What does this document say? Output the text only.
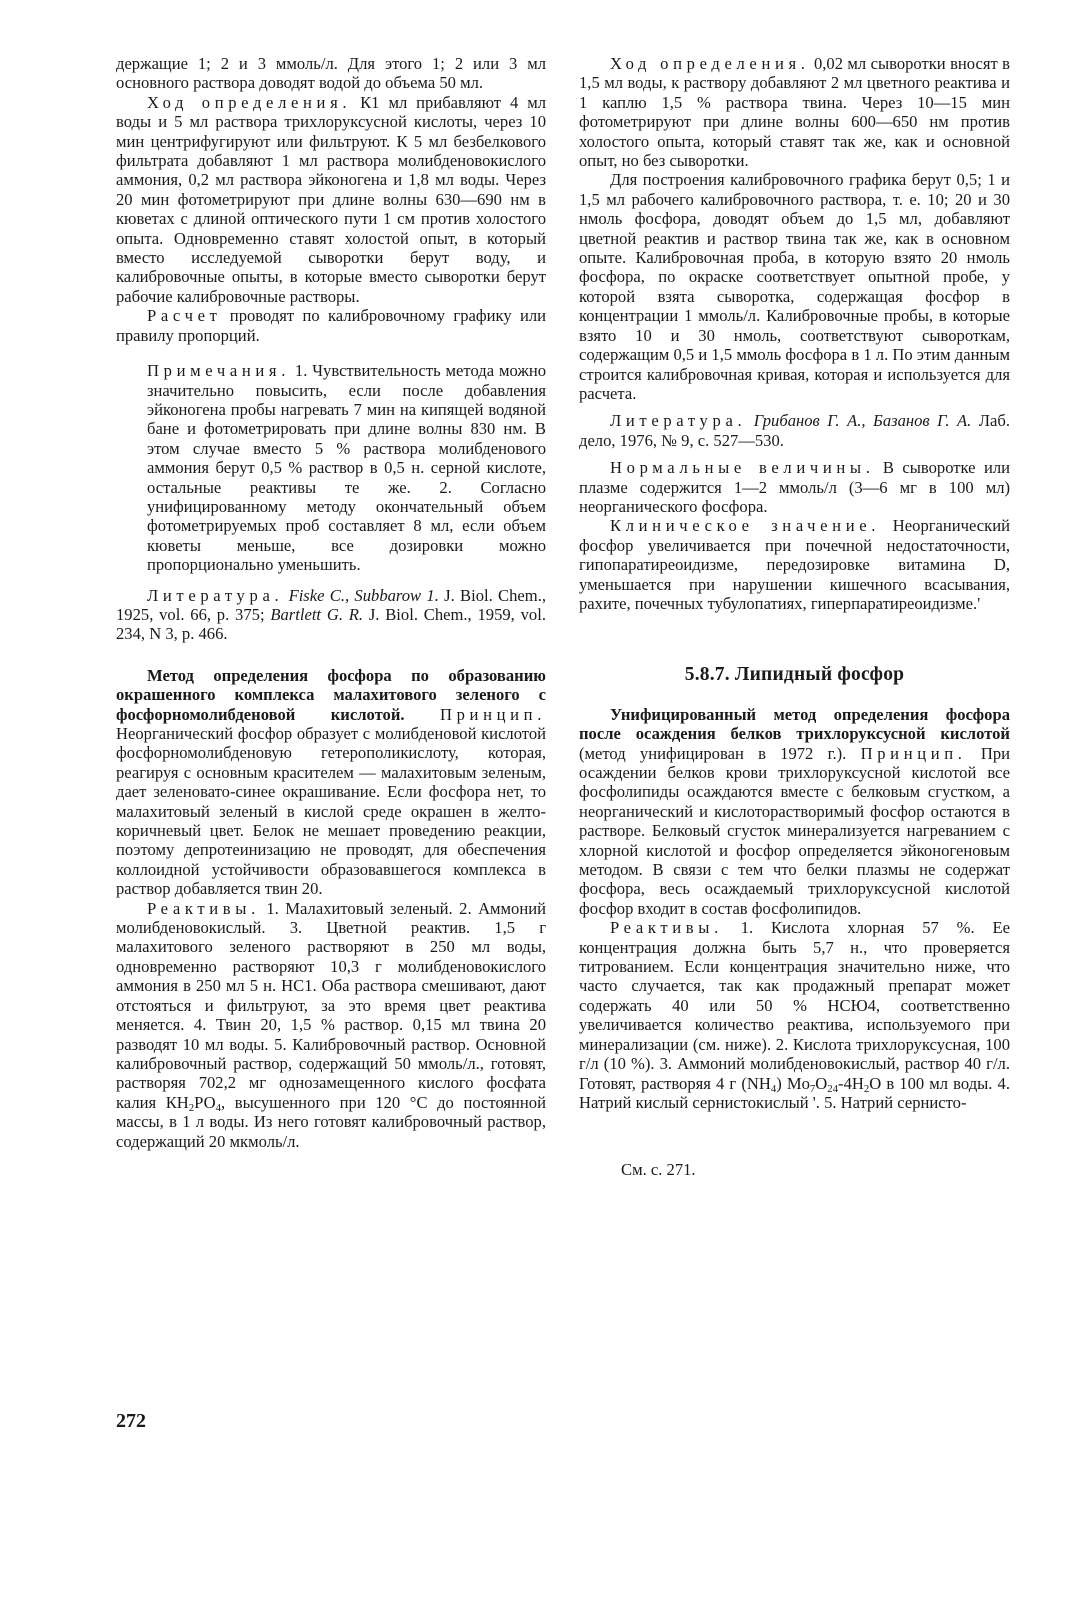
держащие 1; 2 и 3 ммоль/л. Для этого 1; 2 или 3 мл основного раствора доводят водой до объема 50 мл.

Ход определения. К1 мл прибавляют 4 мл воды и 5 мл раствора трихлоруксусной кислоты, через 10 мин центрифугируют или фильтруют. К 5 мл безбелкового фильтрата добавляют 1 мл раствора молибденовокислого аммония, 0,2 мл раствора эйконогена и 1,8 мл воды. Через 20 мин фотометрируют при длине волны 630—690 нм в кюветах с длиной оптического пути 1 см против холостого опыта. Одновременно ставят холостой опыт, в который вместо исследуемой сыворотки берут воду, и калибровочные опыты, в которые вместо сыворотки берут рабочие калибровочные растворы.

Расчет проводят по калибровочному графику или правилу пропорций.

Примечания. 1. Чувствительность метода можно значительно повысить, если после добавления эйконогена пробы нагревать 7 мин на кипящей водяной бане и фотометрировать при длине волны 830 нм. В этом случае вместо 5 % раствора молибденового аммония берут 0,5 % раствор в 0,5 н. серной кислоте, остальные реактивы те же. 2. Согласно унифицированному методу окончательный объем фотометрируемых проб составляет 8 мл, если объем кюветы меньше, все дозировки можно пропорционально уменьшить.

Литература. Fiske C., Subbarow 1. J. Biol. Chem., 1925, vol. 66, p. 375; Bartlett G. R. J. Biol. Chem., 1959, vol. 234, N 3, p. 466.

Метод определения фосфора по образованию окрашенного комплекса малахитового зеленого с фосфорномолибденовой кислотой. Принцип. Неорганический фосфор образует с молибденовой кислотой фосфорномолибденовую гетерополикислоту, которая, реагируя с основным красителем — малахитовым зеленым, дает зеленовато-синее окрашивание. Если фосфора нет, то малахитовый зеленый в кислой среде окрашен в желто-коричневый цвет. Белок не мешает проведению реакции, поэтому депротеинизацию не проводят, для обеспечения коллоидной устойчивости образовавшегося комплекса в раствор добавляется твин 20.

Реактивы. 1. Малахитовый зеленый. 2. Аммоний молибденовокислый. 3. Цветной реактив. 1,5 г малахитового зеленого растворяют в 250 мл воды, одновременно растворяют 10,3 г молибденовокислого аммония в 250 мл 5 н. НС1. Оба раствора смешивают, дают отстояться и фильтруют, за это время цвет реактива меняется. 4. Твин 20, 1,5 % раствор. 0,15 мл твина 20 разводят 10 мл воды. 5. Калибровочный раствор. Основной калибровочный раствор, содержащий 50 ммоль/л., готовят, растворяя 702,2 мг однозамещенного кислого фосфата калия $КН_2РО_4$, высушенного при 120 °С до постоянной массы, в 1 л воды. Из него готовят калибровочный раствор, содержащий 20 мкмоль/л.

Ход определения. 0,02 мл сыворотки вносят в 1,5 мл воды, к раствору добавляют 2 мл цветного реактива и 1 каплю 1,5 % раствора твина. Через 10—15 мин фотометрируют при длине волны 600—650 нм против холостого опыта, который ставят так же, как и основной опыт, но без сыворотки.

Для построения калибровочного графика берут 0,5; 1 и 1,5 мл рабочего калибровочного раствора, т. е. 10; 20 и 30 нмоль фосфора, доводят объем до 1,5 мл, добавляют цветной реактив и раствор твина так же, как в основном опыте. Калибровочная проба, в которую взято 20 нмоль фосфора, по окраске соответствует опытной пробе, у которой взята сыворотка, содержащая фосфор в концентрации 1 ммоль/л. Калибровочные пробы, в которые взято 10 и 30 нмоль, соответствуют сывороткам, содержащим 0,5 и 1,5 ммоль фосфора в 1 л. По этим данным строится калибровочная кривая, которая и используется для расчета.

Литература. Грибанов Г. А., Базанов Г. А. Лаб. дело, 1976, № 9, с. 527—530.

Нормальные величины. В сыворотке или плазме содержится 1—2 ммоль/л (3—6 мг в 100 мл) неорганического фосфора.

Клиническое значение. Неорганический фосфор увеличивается при почечной недостаточности, гипопаратиреоидизме, передозировке витамина D, уменьшается при нарушении кишечного всасывания, рахите, почечных тубулопатиях, гиперпаратиреоидизме.'

5.8.7. Липидный фосфор

Унифицированный метод определения фосфора после осаждения белков трихлоруксусной кислотой (метод унифицирован в 1972 г.). Принцип. При осаждении белков крови трихлоруксусной кислотой все фосфолипиды осаждаются вместе с белковым сгустком, а неорганический и кислоторастворимый фосфор остаются в растворе. Белковый сгусток минерализуется нагреванием с хлорной кислотой и фосфор определяется эйконогеновым методом. В связи с тем что белки плазмы не содержат фосфора, весь осаждаемый трихлоруксусной кислотой фосфор входит в состав фосфолипидов.

Реактивы. 1. Кислота хлорная 57 %. Ее концентрация должна быть 5,7 н., что проверяется титрованием. Если концентрация значительно ниже, что часто случается, так как продажный препарат может содержать 40 или 50 % НСЮ4, соответственно увеличивается количество реактива, используемого при минерализации (см. ниже). 2. Кислота трихлоруксусная, 100 г/л (10 %). 3. Аммоний молибденовокислый, раствор 40 г/л. Готовят, растворяя 4 г $(NH_4)$ $Mo_7O_{24}-4H_2O$ в 100 мл воды. 4. Натрий кислый сернистокислый '. 5. Натрий сернисто-

См. с. 271.

272
